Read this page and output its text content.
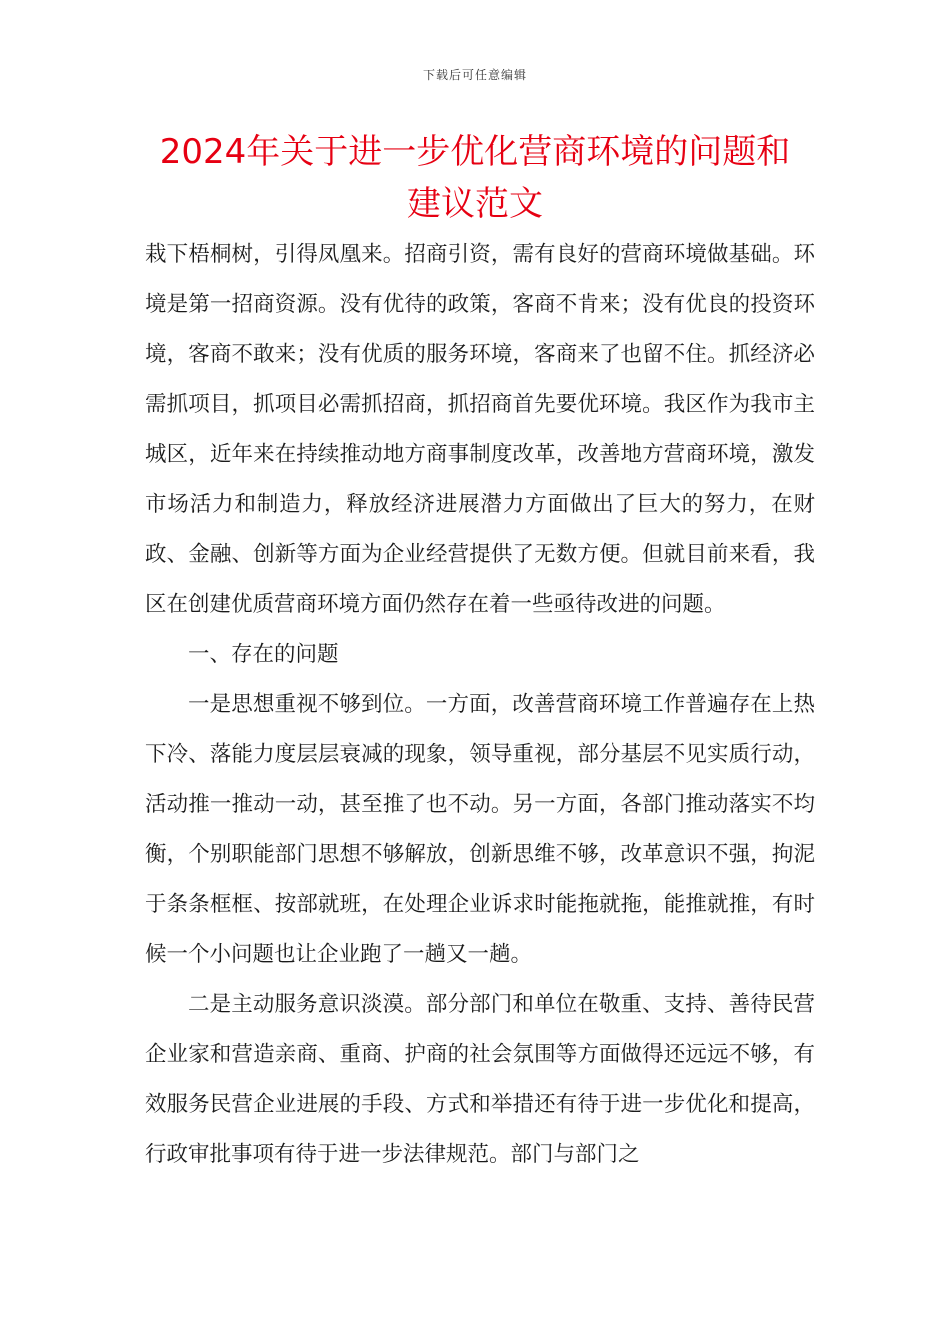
下载后可任意编辑
2024年关于进一步优化营商环境的问题和
建议范文

栽下梧桐树，引得凤凰来。招商引资，需有良好的营商环境做基础。环境是第一招商资源。没有优待的政策，客商不肯来；没有优良的投资环境，客商不敢来；没有优质的服务环境，客商来了也留不住。抓经济必需抓项目，抓项目必需抓招商，抓招商首先要优环境。我区作为我市主城区，近年来在持续推动地方商事制度改革，改善地方营商环境，激发市场活力和制造力，释放经济进展潜力方面做出了巨大的努力，在财政、金融、创新等方面为企业经营提供了无数方便。但就目前来看，我区在创建优质营商环境方面仍然存在着一些亟待改进的问题。

一、存在的问题

一是思想重视不够到位。一方面，改善营商环境工作普遍存在上热下冷、落能力度层层衰减的现象，领导重视，部分基层不见实质行动，活动推一推动一动，甚至推了也不动。另一方面，各部门推动落实不均衡，个别职能部门思想不够解放，创新思维不够，改革意识不强，拘泥于条条框框、按部就班，在处理企业诉求时能拖就拖，能推就推，有时候一个小问题也让企业跑了一趟又一趟。

二是主动服务意识淡漠。部分部门和单位在敬重、支持、善待民营企业家和营造亲商、重商、护商的社会氛围等方面做得还远远不够，有效服务民营企业进展的手段、方式和举措还有待于进一步优化和提高，行政审批事项有待于进一步法律规范。部门与部门之
